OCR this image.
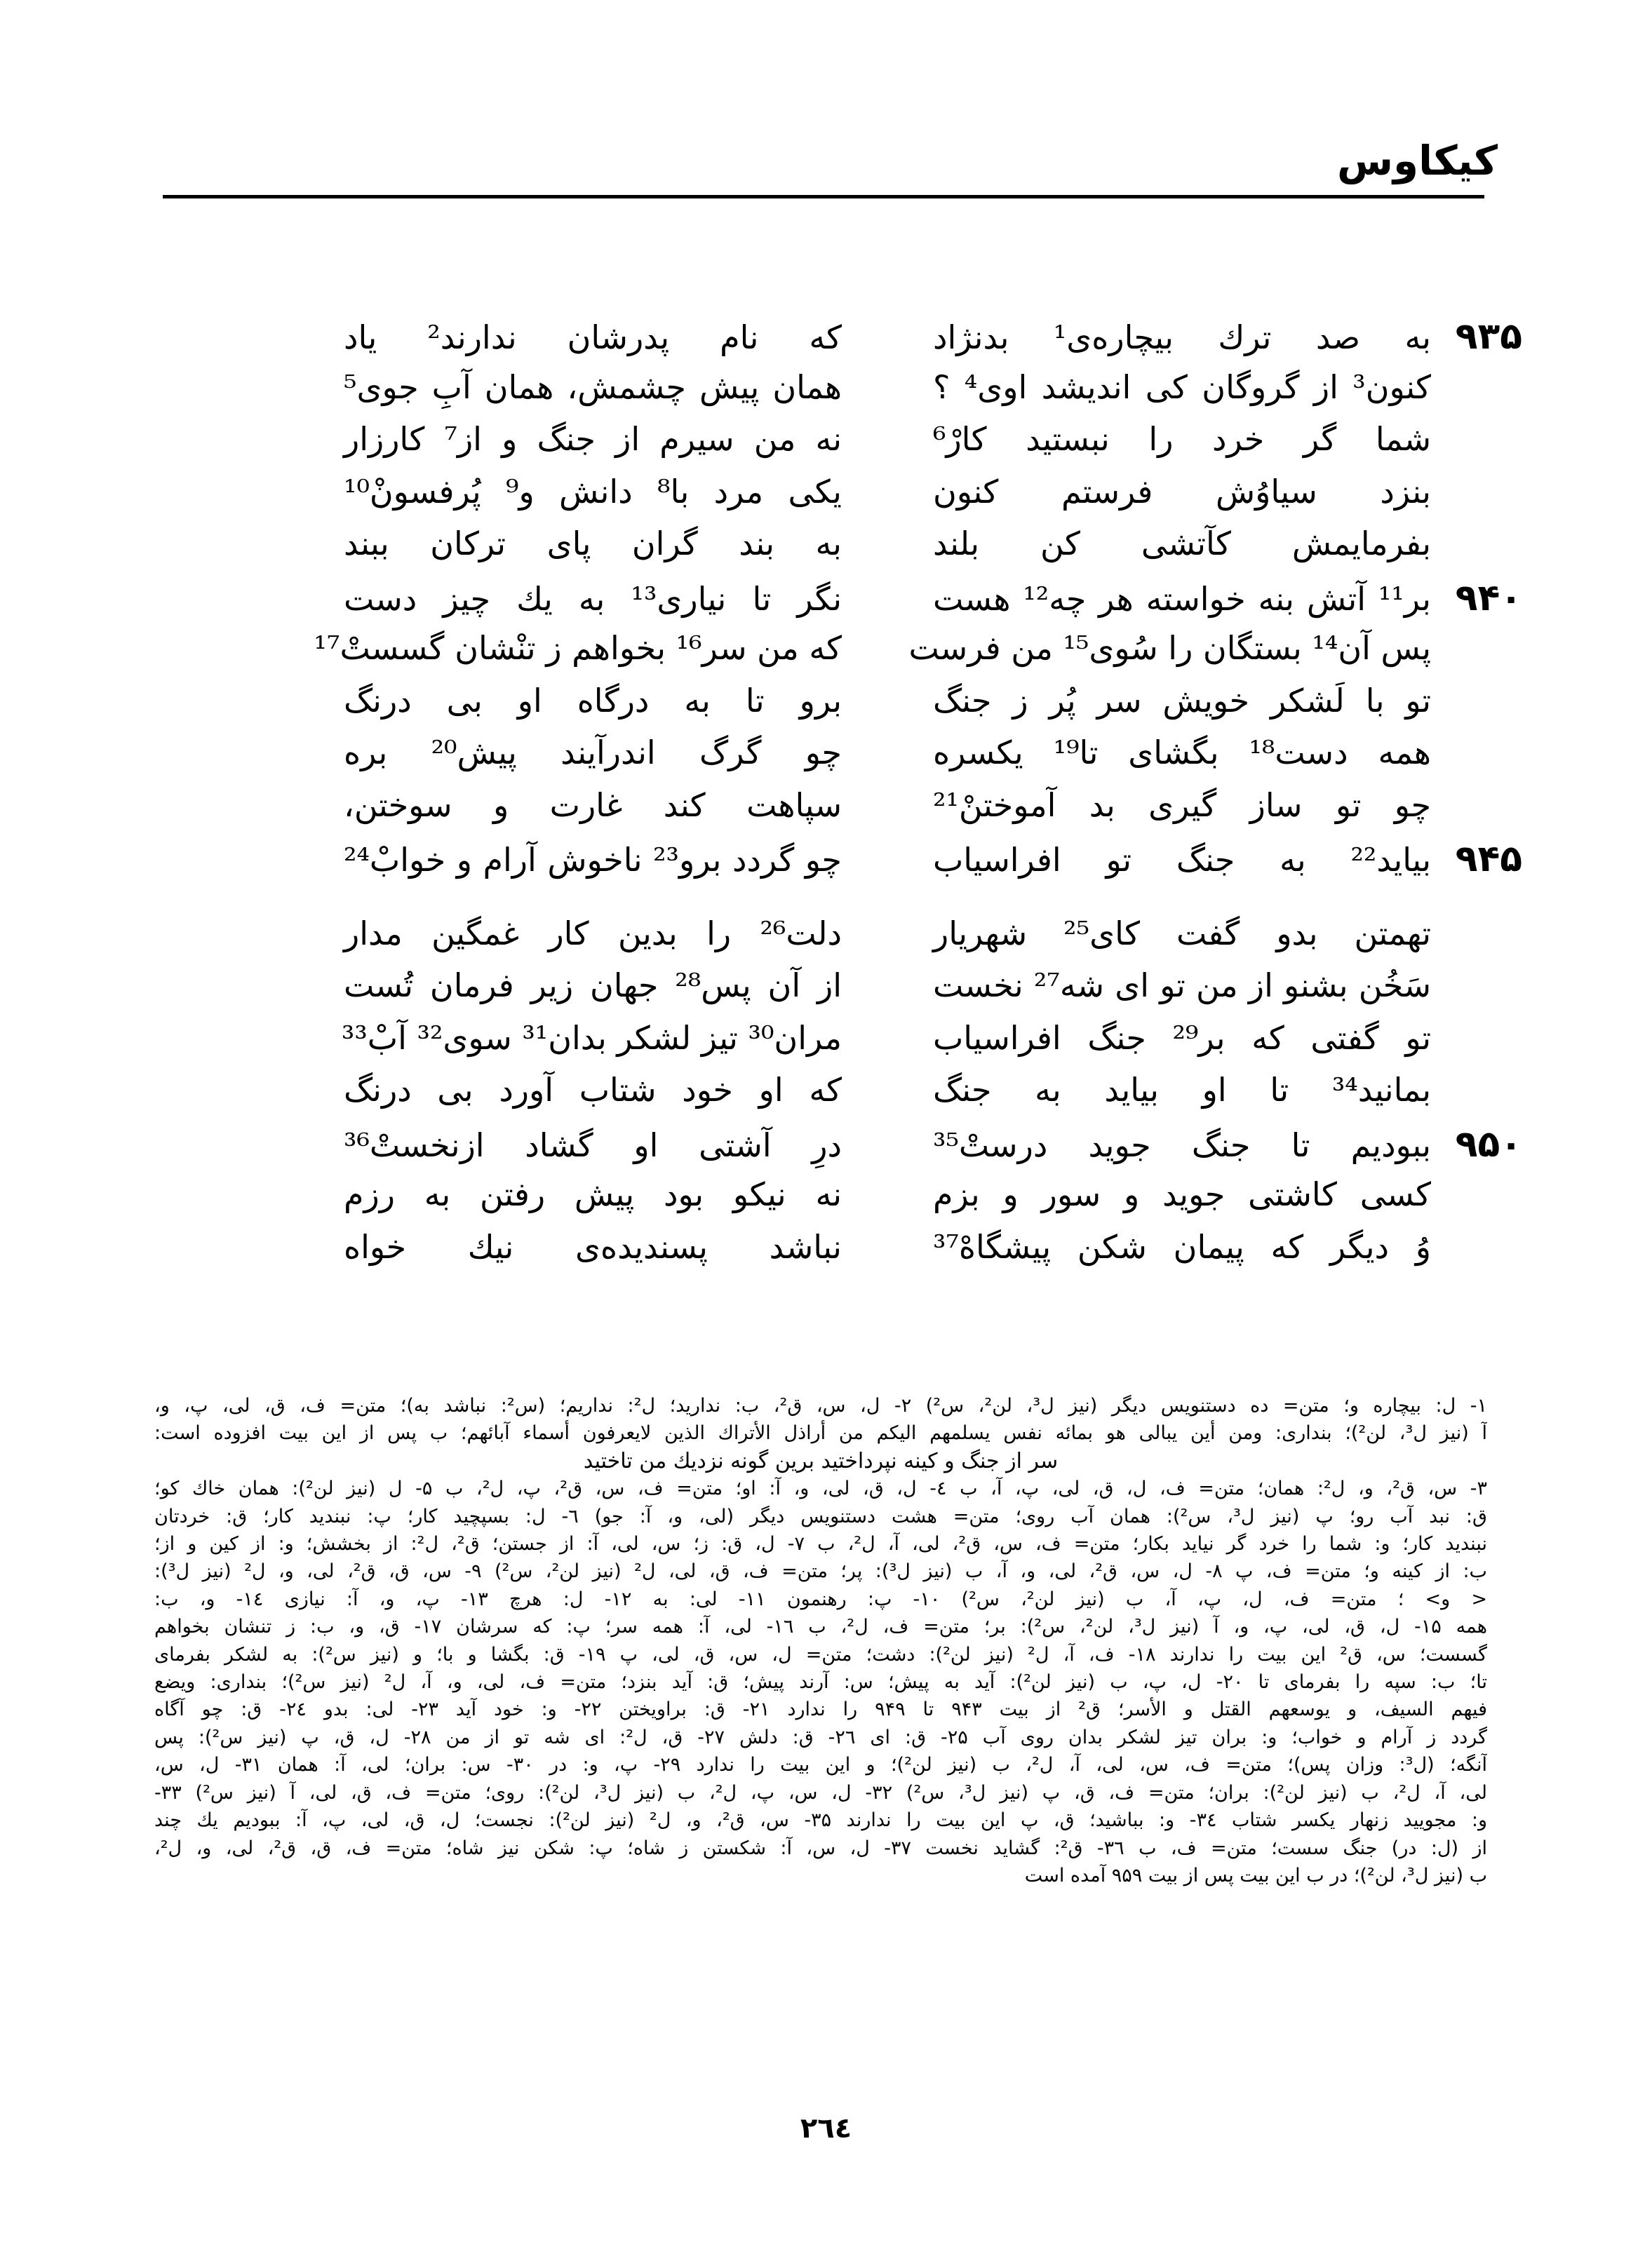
کیکاوس
۹۳۵
به صد ترك بیچاره‌ی¹ بدنژاد
که نام پدرشان ندارند² یاد
کنون³ از گروگان کی اندیشد اوی⁴ ؟
همان پیش چشمش، همان آبِ جوی⁵
شما گر خرد را نبستید کارْ⁶
نه من سیرم از جنگ و از⁷ کارزار
بنزد سیاوُش فرستم کنون
یکی مرد با⁸ دانش و⁹ پُرفسونْ¹⁰
بفرمایمش کآتشی کن بلند
به بند گران پای ترکان ببند
۹۴۰
بر¹¹ آتش بنه خواسته هر چه¹² هست
نگر تا نیاری¹³ به یك چیز دست
پس آن¹⁴ بستگان را سُوی¹⁵ من فرست
که من سر¹⁶ بخواهم ز تنْشان گسستْ¹⁷
تو با لَشکر خویش سر پُر ز جنگ
برو تا به درگاه او بی درنگ
همه دست¹⁸ بگشای تا¹⁹ یکسره
چو گرگ اندرآیند پیش²⁰ بره
چو تو ساز گیری بد آموختنْ²¹
سپاهت کند غارت و سوختن،
۹۴۵
بیاید²² به جنگ تو افراسیاب
چو گردد برو²³ ناخوش آرام و خوابْ²⁴
تهمتن بدو گفت کای²⁵ شهریار
دلت²⁶ را بدین کار غمگین مدار
سَخُن بشنو از من تو ای شه²⁷ نخست
از آن پس²⁸ جهان زیر فرمان تُست
تو گفتی که بر²⁹ جنگ افراسیاب
مران³⁰ تیز لشکر بدان³¹ سوی³² آبْ³³
بمانید³⁴ تا او بیاید به جنگ
که او خود شتاب آورد بی درنگ
۹۵۰
ببودیم تا جنگ جوید درستْ³⁵
درِ آشتی او گشاد ازنخستْ³⁶
کسی کاشتی جوید و سور و بزم
نه نیکو بود پیش رفتن به رزم
وُ دیگر که پیمان شکن پیشگاهْ³⁷
نباشد پسندیده‌ی نیك خواه
۱- ل: بیچاره و؛ متن= ده دستنویس دیگر (نیز ل³، لن²، س²) ۲- ل، س، ق²، ب: ندارید؛ ل²: نداریم؛ (س²: نباشد به)؛ متن= ف، ق، لی، پ، و،
آ (نیز ل³، لن²)؛ بنداری: ومن أین یبالی هو بمائه نفس یسلمهم الیکم من أراذل الأتراك الذین لایعرفون أسماء آبائهم؛ ب پس از این بیت افزوده است:
سر از جنگ و کینه نپرداختید برین گونه نزدیك من تاختید
۳- س، ق²، و، ل²: همان؛ متن= ف، ل، ق، لی، پ، آ، ب ٤- ل، ق، لی، و، آ: او؛ متن= ف، س، ق²، پ، ل²، ب ۵- ل (نیز لن²): همان خاك کو؛
ق: نبد آب رو؛ پ (نیز ل³، س²): همان آب روی؛ متن= هشت دستنویس دیگر (لی، و، آ: جو) ٦- ل: بسپچید کار؛ پ: نبندید کار؛ ق: خردتان
نبندید کار؛ و: شما را خرد گر نیاید بکار؛ متن= ف، س، ق²، لی، آ، ل²، ب ٧- ل، ق: ز؛ س، لی، آ: از جستن؛ ق²، ل²: از بخشش؛ و: از کین و از؛
ب: از کینه و؛ متن= ف، پ ٨- ل، س، ق²، لی، و، آ، ب (نیز ل³): پر؛ متن= ف، ق، لی، ل² (نیز لن²، س²) ٩- س، ق، ق²، لی، و، ل² (نیز ل³):
< و> ؛ متن= ف، ل، پ، آ، ب (نیز لن²، س²) ۱۰- پ: رهنمون ۱۱- لی: به ۱۲- ل: هرچ ۱۳- پ، و، آ: نیازی ١٤- و، ب:
همه ۱۵- ل، ق، لی، پ، و، آ (نیز ل³، لن²، س²): بر؛ متن= ف، ل²، ب ۱٦- لی، آ: همه سر؛ پ: که سرشان ۱۷- ق، و، ب: ز تنشان بخواهم
گسست؛ س، ق² این بیت را ندارند ۱۸- ف، آ، ل² (نیز لن²): دشت؛ متن= ل، س، ق، لی، پ ۱۹- ق: بگشا و با؛ و (نیز س²): به لشکر بفرمای
تا؛ ب: سپه را بفرمای تا ۲۰- ل، پ، ب (نیز لن²): آید به پیش؛ س: آرند پیش؛ ق: آید بنزد؛ متن= ف، لی، و، آ، ل² (نیز س²)؛ بنداری: ویضع
فیهم السیف، و یوسعهم القتل و الأسر؛ ق² از بیت ۹۴۳ تا ۹۴۹ را ندارد ۲۱- ق: براویختن ۲۲- و: خود آید ۲۳- لی: بدو ٢٤- ق: چو آگاه
گردد ز آرام و خواب؛ و: بران تیز لشکر بدان روی آب ۲۵- ق: ای ۲٦- ق: دلش ۲۷- ق، ل²: ای شه تو از من ۲۸- ل، ق، پ (نیز س²): پس
آنگه؛ (ل³: وزان پس)؛ متن= ف، س، لی، آ، ل²، ب (نیز لن²)؛ و این بیت را ندارد ۲۹- پ، و: در ۳۰- س: بران؛ لی، آ: همان ۳۱- ل، س،
لی، آ، ل²، ب (نیز لن²): بران؛ متن= ف، ق، پ (نیز ل³، س²) ۳۲- ل، س، پ، ل²، ب (نیز ل³، لن²): روی؛ متن= ف، ق، لی، آ (نیز س²) ۳۳-
و: مجویید زنهار یکسر شتاب ۳٤- و: بباشید؛ ق، پ این بیت را ندارند ۳۵- س، ق²، و، ل² (نیز لن²): نجست؛ ل، ق، لی، پ، آ: ببودیم یك چند
از (ل: در) جنگ سست؛ متن= ف، ب ۳٦- ق²: گشاید نخست ۳۷- ل، س، آ: شکستن ز شاه؛ پ: شکن نیز شاه؛ متن= ف، ق، ق²، لی، و، ل²،
ب (نیز ل³، لن²)؛ در ب این بیت پس از بیت ۹۵۹ آمده است
۲٦٤
